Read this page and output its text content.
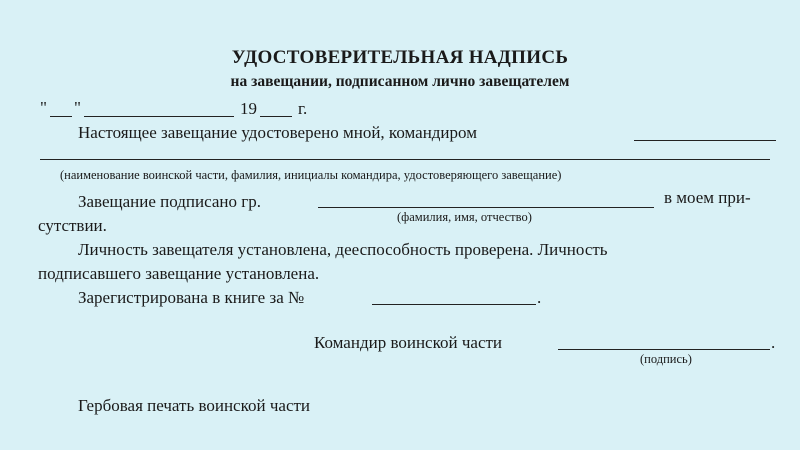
УДОСТОВЕРИТЕЛЬНАЯ НАДПИСЬ
на завещании, подписанном лично завещателем
" "	19 г.
Настоящее завещание удостоверено мной, командиром
(наименование воинской части, фамилия, инициалы командира, удостоверяющего завещание)
Завещание подписано гр.	в моем при-
(фамилия, имя, отчество)
сутствии.
Личность завещателя установлена, дееспособность проверена. Личность
подписавшего завещание установлена.
Зарегистрирована в книге за №	.
Командир воинской части	.
(подпись)
Гербовая печать воинской части
